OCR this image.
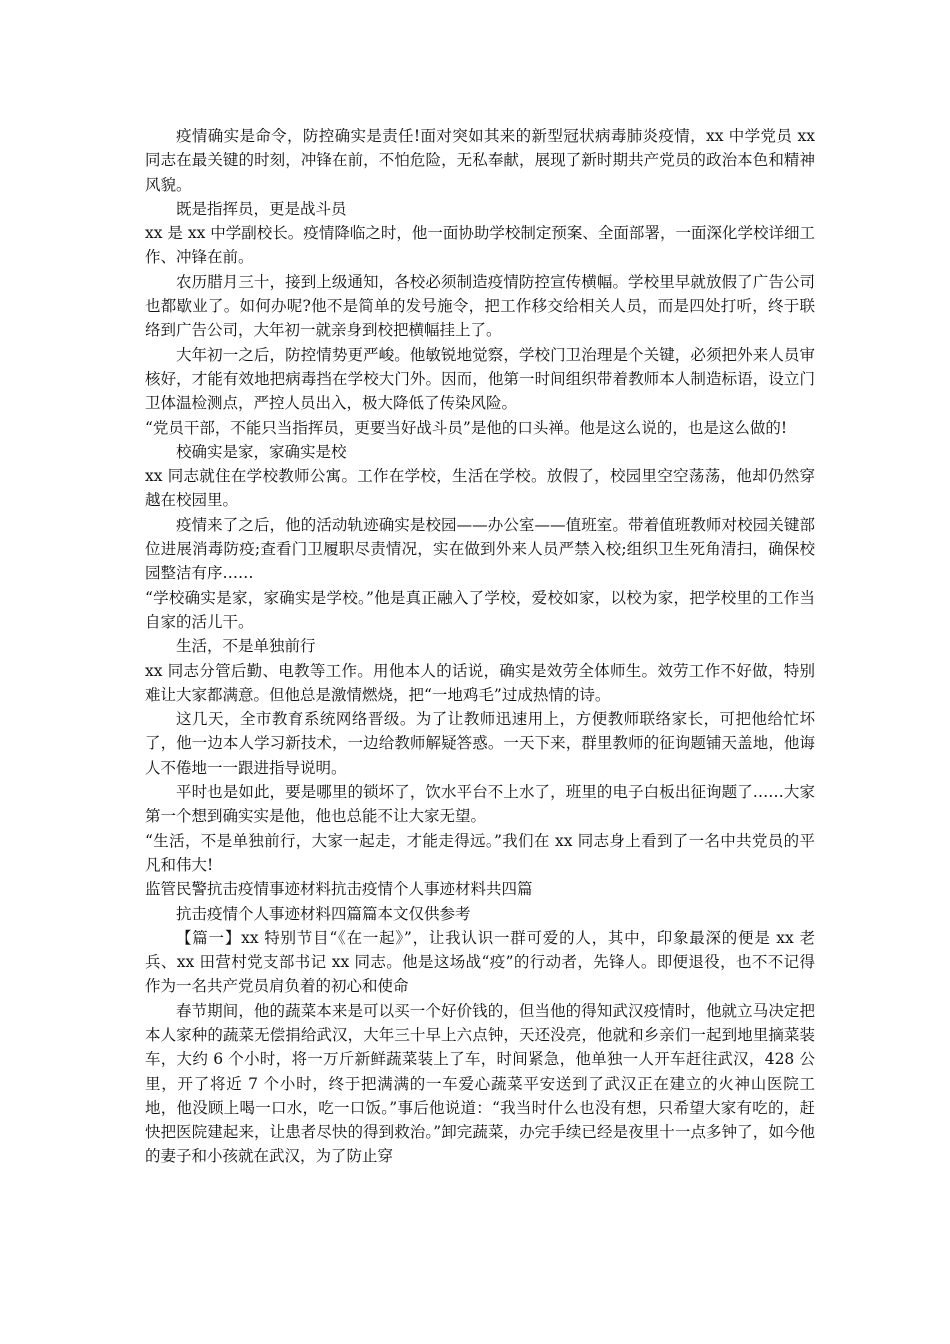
疫情确实是命令，防控确实是责任!面对突如其来的新型冠状病毒肺炎疫情，xx 中学党员 xx 同志在最关键的时刻，冲锋在前，不怕危险，无私奉献，展现了新时期共产党员的政治本色和精神风貌。

既是指挥员，更是战斗员

xx 是 xx 中学副校长。疫情降临之时，他一面协助学校制定预案、全面部署，一面深化学校详细工作、冲锋在前。

农历腊月三十，接到上级通知，各校必须制造疫情防控宣传横幅。学校里早就放假了广告公司也都歇业了。如何办呢?他不是简单的发号施令，把工作移交给相关人员，而是四处打听，终于联络到广告公司，大年初一就亲身到校把横幅挂上了。

大年初一之后，防控情势更严峻。他敏锐地觉察，学校门卫治理是个关键，必须把外来人员审核好，才能有效地把病毒挡在学校大门外。因而，他第一时间组织带着教师本人制造标语，设立门卫体温检测点，严控人员出入，极大降低了传染风险。

“党员干部，不能只当指挥员，更要当好战斗员”是他的口头禅。他是这么说的，也是这么做的!

校确实是家，家确实是校

xx 同志就住在学校教师公寓。工作在学校，生活在学校。放假了，校园里空空荡荡，他却仍然穿越在校园里。

疫情来了之后，他的活动轨迹确实是校园——办公室——值班室。带着值班教师对校园关键部位进展消毒防疫;查看门卫履职尽责情况，实在做到外来人员严禁入校;组织卫生死角清扫，确保校园整洁有序……

“学校确实是家，家确实是学校。”他是真正融入了学校，爱校如家，以校为家，把学校里的工作当自家的活儿干。

生活，不是单独前行

xx 同志分管后勤、电教等工作。用他本人的话说，确实是效劳全体师生。效劳工作不好做，特别难让大家都满意。但他总是激情燃烧，把“一地鸡毛”过成热情的诗。

这几天，全市教育系统网络晋级。为了让教师迅速用上，方便教师联络家长，可把他给忙坏了，他一边本人学习新技术，一边给教师解疑答惑。一天下来，群里教师的征询题铺天盖地，他诲人不倦地一一跟进指导说明。

平时也是如此，要是哪里的锁坏了，饮水平台不上水了，班里的电子白板出征询题了……大家第一个想到确实实是他，他也总能不让大家无望。

“生活，不是单独前行，大家一起走，才能走得远。”我们在 xx 同志身上看到了一名中共党员的平凡和伟大!

监管民警抗击疫情事迹材料抗击疫情个人事迹材料共四篇

抗击疫情个人事迹材料四篇篇本文仅供参考

【篇一】xx 特别节目“《在一起》”，让我认识一群可爱的人，其中，印象最深的便是 xx 老兵、xx 田营村党支部书记 xx 同志。他是这场战“疫”的行动者，先锋人。即便退役，也不不记得作为一名共产党员肩负着的初心和使命

春节期间，他的蔬菜本来是可以买一个好价钱的，但当他的得知武汉疫情时，他就立马决定把本人家种的蔬菜无偿捐给武汉，大年三十早上六点钟，天还没亮，他就和乡亲们一起到地里摘菜装车，大约 6 个小时，将一万斤新鲜蔬菜装上了车，时间紧急，他单独一人开车赶往武汉，428 公里，开了将近 7 个小时，终于把满满的一车爱心蔬菜平安送到了武汉正在建立的火神山医院工地，他没顾上喝一口水，吃一口饭。”事后他说道：“我当时什么也没有想，只希望大家有吃的，赶快把医院建起来，让患者尽快的得到救治。”卸完蔬菜，办完手续已经是夜里十一点多钟了，如今他的妻子和小孩就在武汉，为了防止穿
